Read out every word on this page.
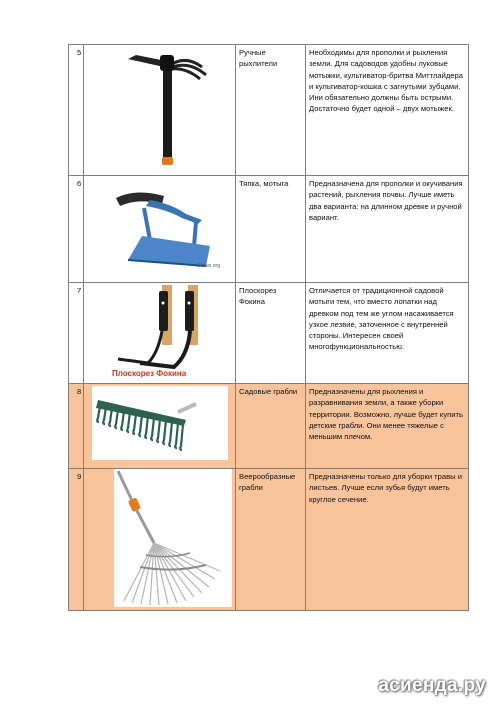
5		Ручные рыхлители	Необходимы для прополки и рыхления земли. Для садоводов удобны луковые мотыжки, культиватор-бритва Миттлайдера и культиватор-кошка с загнутыми зубцами. Ини обязательно должны быть острыми. Достаточно будет одной – двух мотыжек.
6	Glaker.org	Тяпка, мотыга	Предназначена для прополки и окучивания растений, рыхления почвы. Лучше иметь два варианта: на длинном древке и ручной вариант.
7	Плоскорез Фокина	Плоскорез Фокина	Отличается от традиционной садовой мотыги тем, что вместо лопатки над древком под тем же углом насаживается узкое лезвие, заточенное с внутренней стороны. Интересен своей многофункциональностью.
8		Садовые грабли	Предназначены для рыхления и разравнивания земли, а также уборки территории. Возможно, лучше будет купить детские грабли. Они менее тяжелые с меньшим плечом.
9		Веерообразные грабли	Предназначены только для уборки травы и листьев. Лучше если зубья будут иметь круглое сечение.
асиенда.ру
